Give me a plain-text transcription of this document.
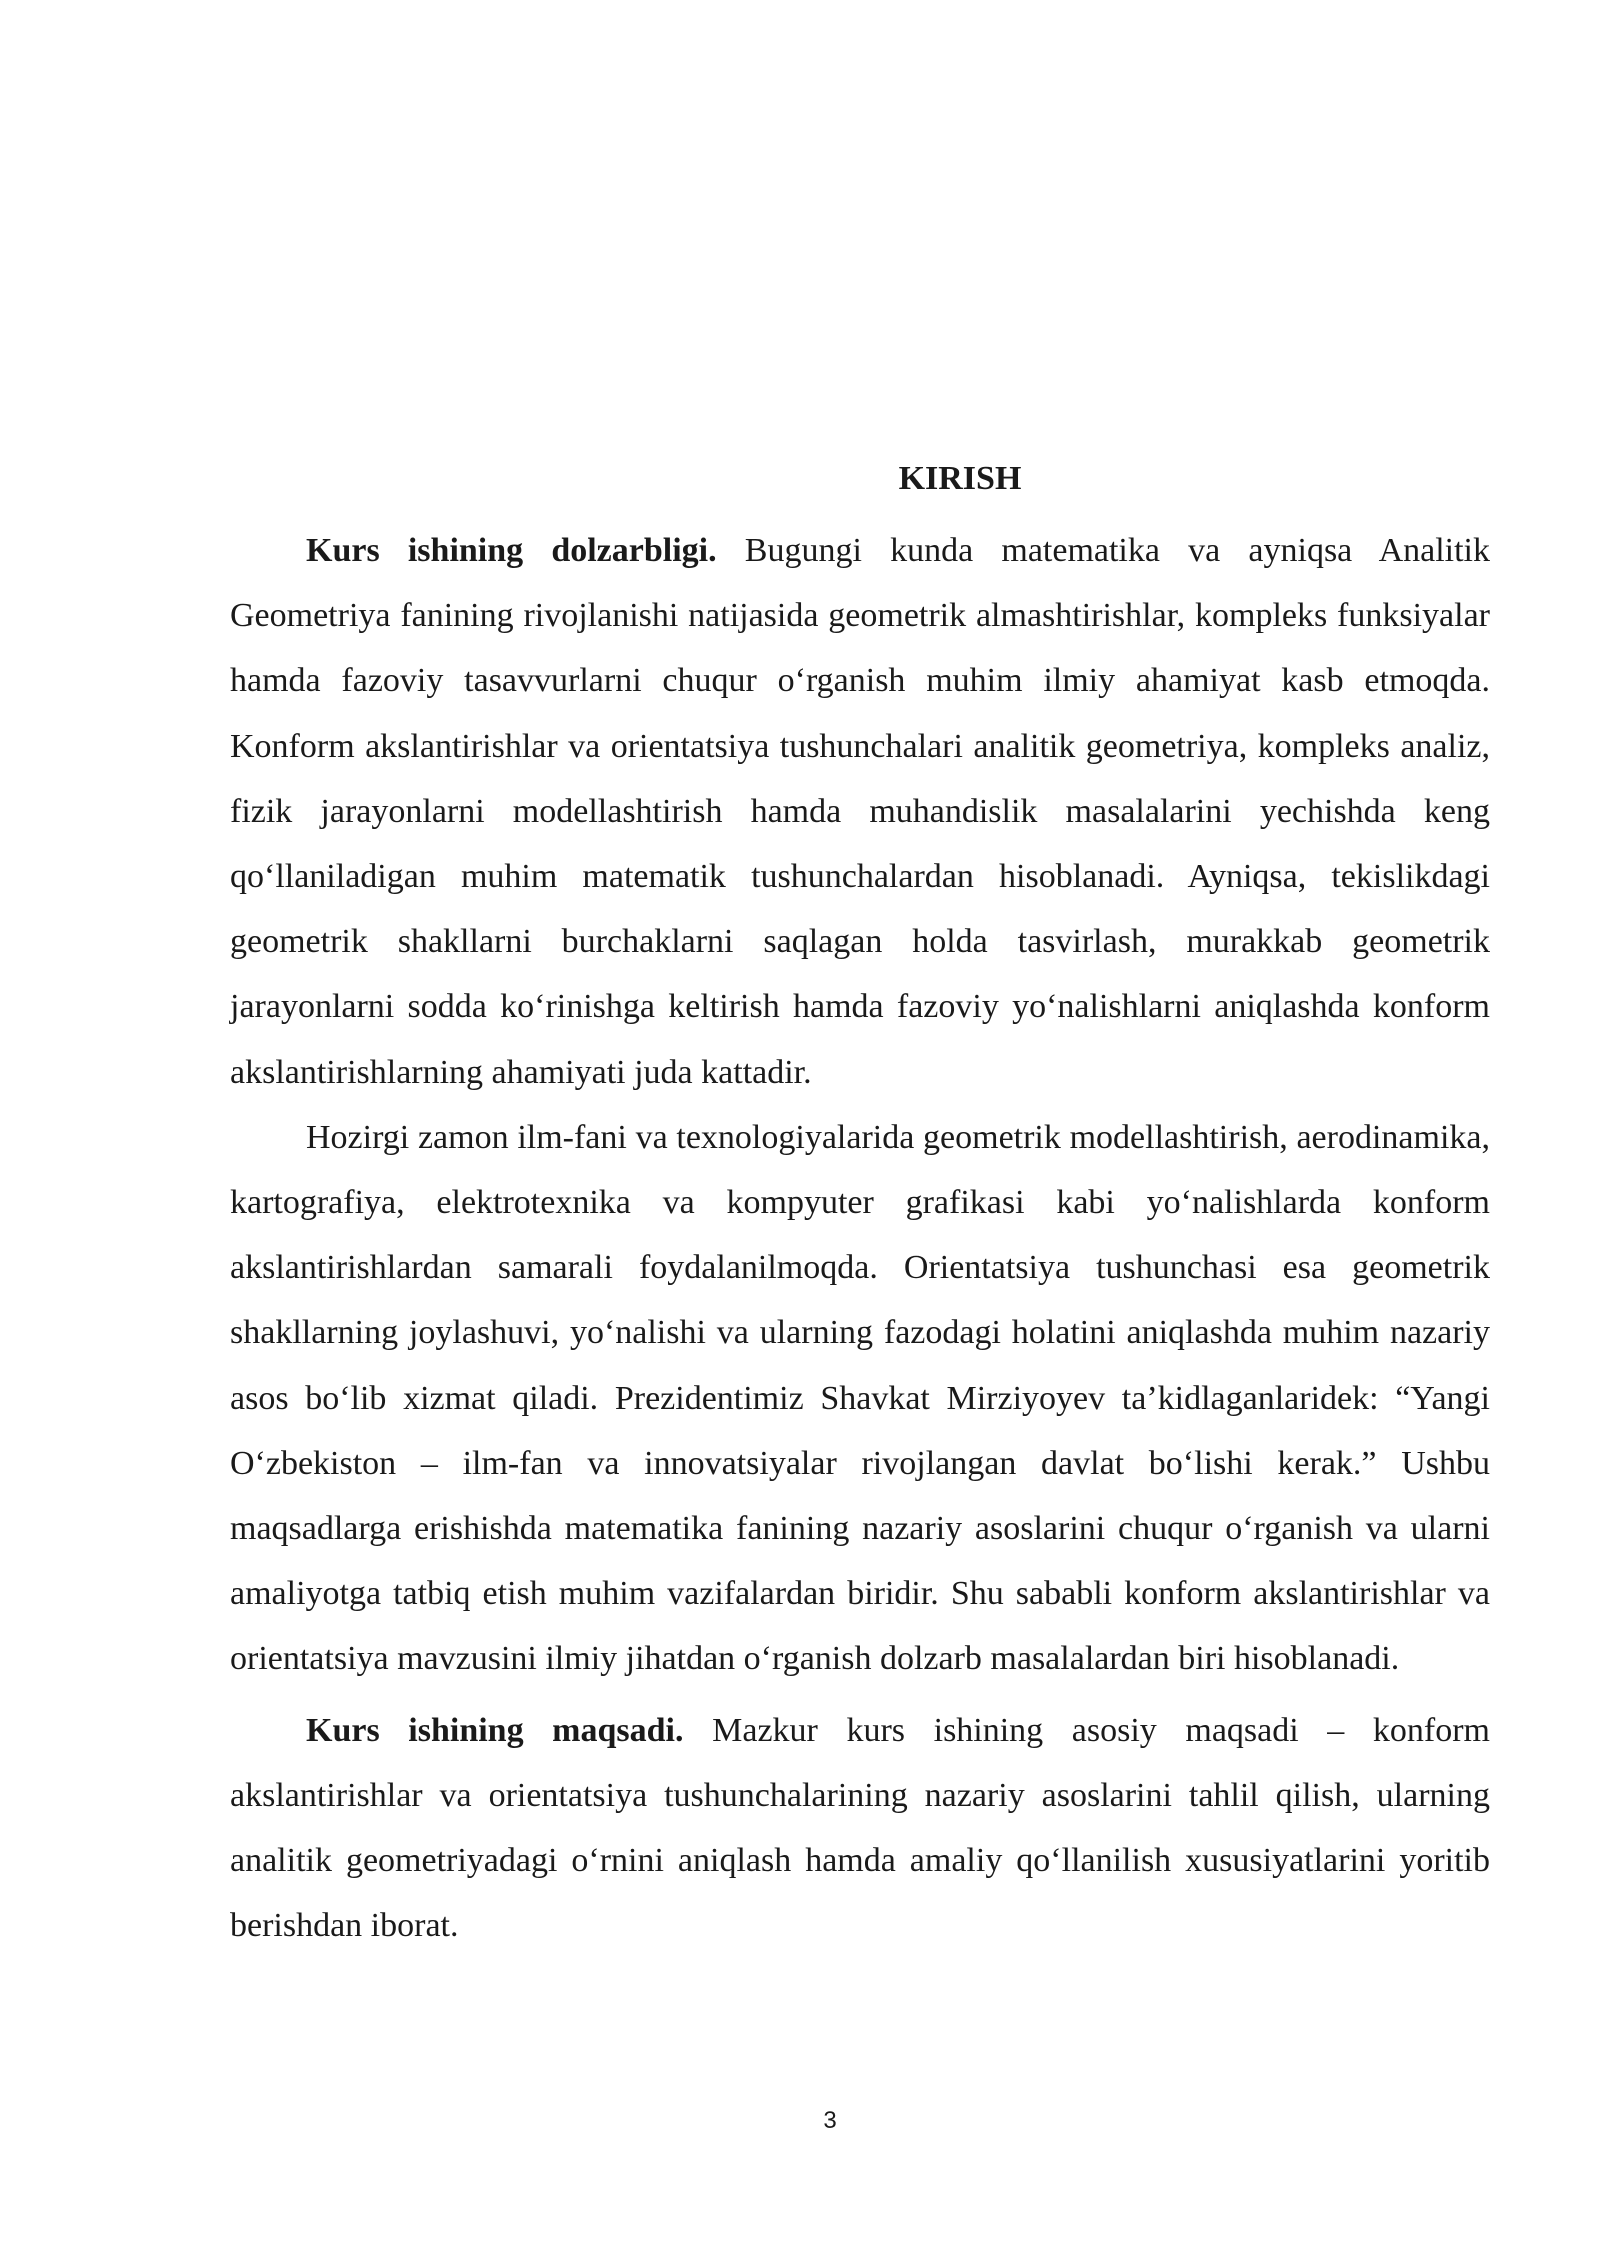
KIRISH

Kurs ishining dolzarbligi. Bugungi kunda matematika va ayniqsa Analitik Geometriya fanining rivojlanishi natijasida geometrik almashtirishlar, kompleks funksiyalar hamda fazoviy tasavvurlarni chuqur o‘rganish muhim ilmiy ahamiyat kasb etmoqda. Konform akslantirishlar va orientatsiya tushunchalari analitik geometriya, kompleks analiz, fizik jarayonlarni modellashtirish hamda muhandislik masalalarini yechishda keng qo‘llaniladigan muhim matematik tushunchalardan hisoblanadi. Ayniqsa, tekislikdagi geometrik shakllarni burchaklarni saqlagan holda tasvirlash, murakkab geometrik jarayonlarni sodda ko‘rinishga keltirish hamda fazoviy yo‘nalishlarni aniqlashda konform akslantirishlarning ahamiyati juda kattadir.

Hozirgi zamon ilm-fani va texnologiyalarida geometrik modellashtirish, aerodinamika, kartografiya, elektrotexnika va kompyuter grafikasi kabi yo‘nalishlarda konform akslantirishlardan samarali foydalanilmoqda. Orientatsiya tushunchasi esa geometrik shakllarning joylashuvi, yo‘nalishi va ularning fazodagi holatini aniqlashda muhim nazariy asos bo‘lib xizmat qiladi. Prezidentimiz Shavkat Mirziyoyev ta’kidlaganlaridek: “Yangi O‘zbekiston – ilm-fan va innovatsiyalar rivojlangan davlat bo‘lishi kerak.” Ushbu maqsadlarga erishishda matematika fanining nazariy asoslarini chuqur o‘rganish va ularni amaliyotga tatbiq etish muhim vazifalardan biridir. Shu sababli konform akslantirishlar va orientatsiya mavzusini ilmiy jihatdan o‘rganish dolzarb masalalardan biri hisoblanadi.

Kurs ishining maqsadi. Mazkur kurs ishining asosiy maqsadi – konform akslantirishlar va orientatsiya tushunchalarining nazariy asoslarini tahlil qilish, ularning analitik geometriyadagi o‘rnini aniqlash hamda amaliy qo‘llanilish xususiyatlarini yoritib berishdan iborat.

3
